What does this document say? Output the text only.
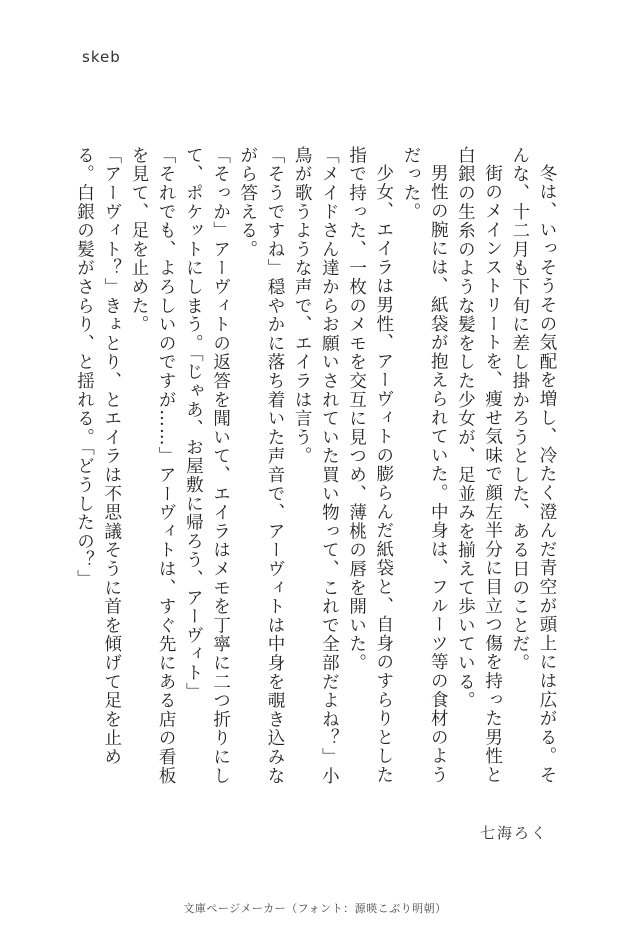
skeb

冬は、いっそうその気配を増し、冷たく澄んだ青空が頭上には広がる。そんな、十二月も下旬に差し掛かろうとした、ある日のことだ。

街のメインストリートを、痩せ気味で顔左半分に目立つ傷を持った男性と白銀の生糸のような髪をした少女が、足並みを揃えて歩いている。

男性の腕には、紙袋が抱えられていた。中身は、フルーツ等の食材のようだった。

少女、エイラは男性、アーヴィトの膨らんだ紙袋と、自身のすらりとした指で持った、一枚のメモを交互に見つめ、薄桃の唇を開いた。

「メイドさん達からお願いされていた買い物って、これで全部だよね？」小鳥が歌うような声で、エイラは言う。

「そうですね」穏やかに落ち着いた声音で、アーヴィトは中身を覗き込みながら答える。

「そっか」アーヴィトの返答を聞いて、エイラはメモを丁寧に二つ折りにして、ポケットにしまう。「じゃあ、お屋敷に帰ろう、アーヴィト」

「それでも、よろしいのですが……」アーヴィトは、すぐ先にある店の看板を見て、足を止めた。

「アーヴィト？」きょとり、とエイラは不思議そうに首を傾げて足を止める。白銀の髪がさらり、と揺れる。「どうしたの？」

七海ろく
文庫ページメーカー（フォント：源暎こぶり明朝）
